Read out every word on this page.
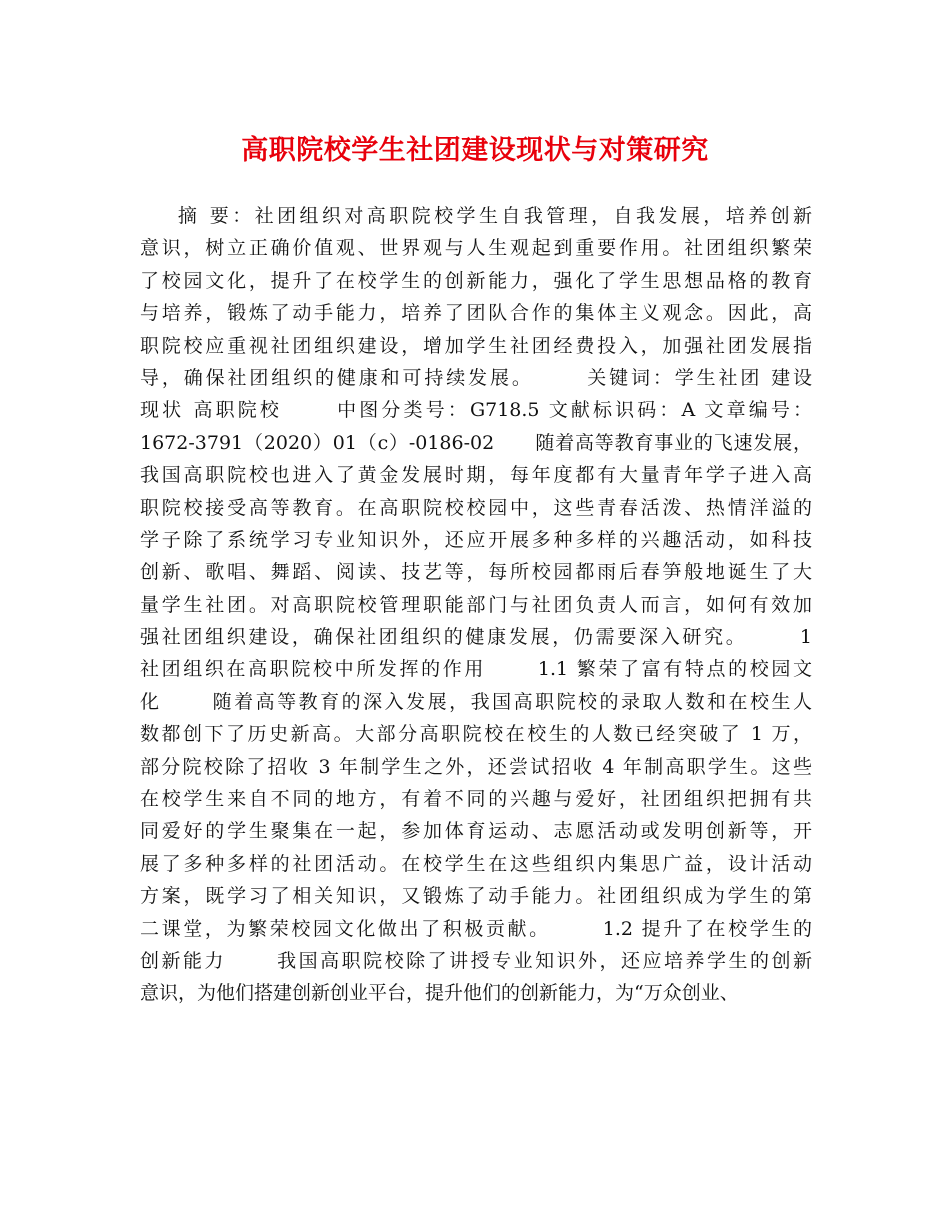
高职院校学生社团建设现状与对策研究
摘 要：社团组织对高职院校学生自我管理，自我发展，培养创新
意识，树立正确价值观、世界观与人生观起到重要作用。社团组织繁荣
了校园文化，提升了在校学生的创新能力，强化了学生思想品格的教育
与培养，锻炼了动手能力，培养了团队合作的集体主义观念。因此，高
职院校应重视社团组织建设，增加学生社团经费投入，加强社团发展指
导，确保社团组织的健康和可持续发展。      关键词：学生社团 建设
现状 高职院校      中图分类号：G718.5 文献标识码：A 文章编号：
1672-3791（2020）01（c）-0186-02      随着高等教育事业的飞速发展，
我国高职院校也进入了黄金发展时期，每年度都有大量青年学子进入高
职院校接受高等教育。在高职院校校园中，这些青春活泼、热情洋溢的
学子除了系统学习专业知识外，还应开展多种多样的兴趣活动，如科技
创新、歌唱、舞蹈、阅读、技艺等，每所校园都雨后春笋般地诞生了大
量学生社团。对高职院校管理职能部门与社团负责人而言，如何有效加
强社团组织建设，确保社团组织的健康发展，仍需要深入研究。      1
社团组织在高职院校中所发挥的作用      1.1 繁荣了富有特点的校园文
化      随着高等教育的深入发展，我国高职院校的录取人数和在校生人
数都创下了历史新高。大部分高职院校在校生的人数已经突破了 1 万，
部分院校除了招收 3 年制学生之外，还尝试招收 4 年制高职学生。这些
在校学生来自不同的地方，有着不同的兴趣与爱好，社团组织把拥有共
同爱好的学生聚集在一起，参加体育运动、志愿活动或发明创新等，开
展了多种多样的社团活动。在校学生在这些组织内集思广益，设计活动
方案，既学习了相关知识，又锻炼了动手能力。社团组织成为学生的第
二课堂，为繁荣校园文化做出了积极贡献。      1.2 提升了在校学生的
创新能力      我国高职院校除了讲授专业知识外，还应培养学生的创新
意识，为他们搭建创新创业平台，提升他们的创新能力，为“万众创业、
